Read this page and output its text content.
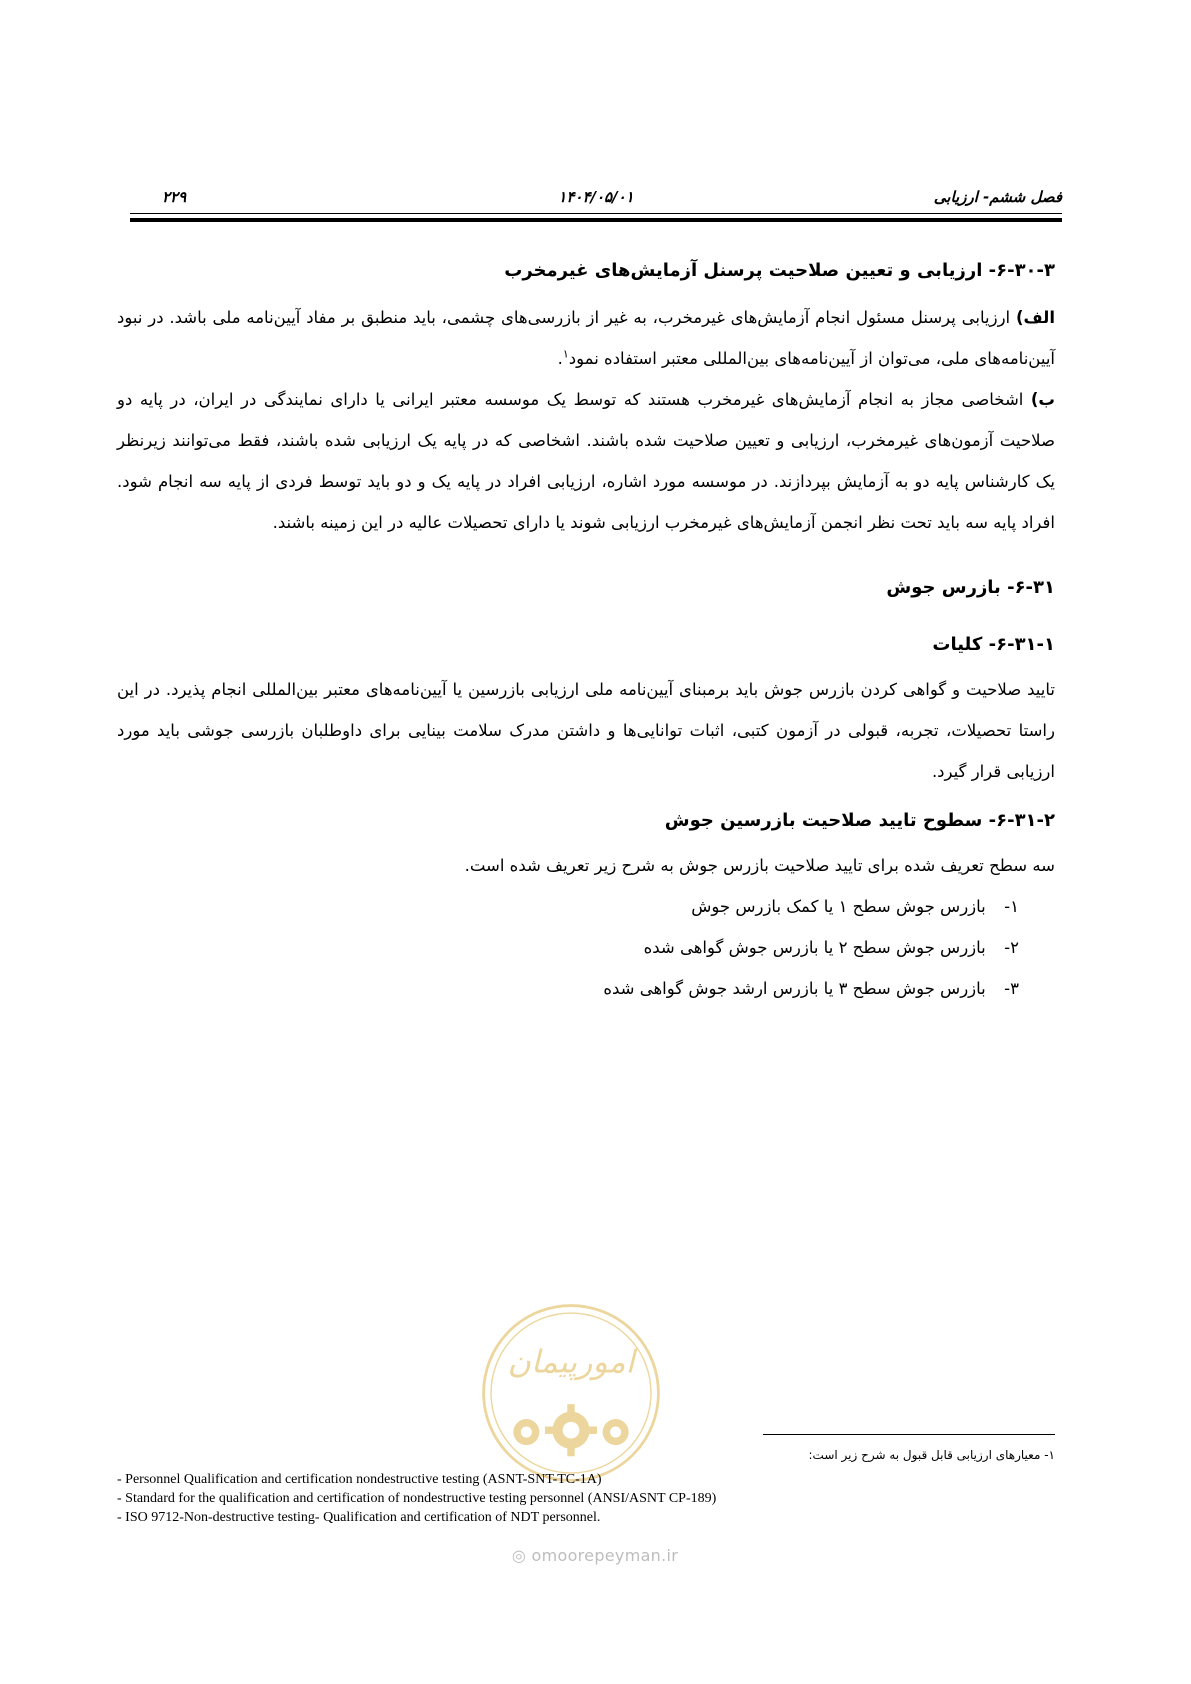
فصل ششم- ارزیابی
۱۴۰۴/۰۵/۰۱
۲۲۹
۶-۳۰-۳- ارزیابی و تعیین صلاحیت پرسنل آزمایش‌های غیرمخرب

الف) ارزیابی پرسنل مسئول انجام آزمایش‌های غیرمخرب، به غیر از بازرسی‌های چشمی، باید منطبق بر مفاد آیین‌نامه ملی باشد. در نبود آیین‌نامه‌های ملی، می‌توان از آیین‌نامه‌های بین‌المللی معتبر استفاده نمود$^۱$.

ب) اشخاصی مجاز به انجام آزمایش‌های غیرمخرب هستند که توسط یک موسسه معتبر ایرانی یا دارای نمایندگی در ایران، در پایه دو صلاحیت آزمون‌های غیرمخرب، ارزیابی و تعیین صلاحیت شده باشند. اشخاصی که در پایه یک ارزیابی شده باشند، فقط می‌توانند زیرنظر یک کارشناس پایه دو به آزمایش بپردازند. در موسسه مورد اشاره، ارزیابی افراد در پایه یک و دو باید توسط فردی از پایه سه انجام شود. افراد پایه سه باید تحت نظر انجمن آزمایش‌های غیرمخرب ارزیابی شوند یا دارای تحصیلات عالیه در این زمینه باشند.

۶-۳۱- بازرس جوش
۶-۳۱-۱- کلیات

تایید صلاحیت و گواهی کردن بازرس جوش باید برمبنای آیین‌نامه ملی ارزیابی بازرسین یا آیین‌نامه‌های معتبر بین‌المللی انجام پذیرد. در این راستا تحصیلات، تجربه، قبولی در آزمون کتبی، اثبات توانایی‌ها و داشتن مدرک سلامت بینایی برای داوطلبان بازرسی جوشی باید مورد ارزیابی قرار گیرد.

۶-۳۱-۲- سطوح تایید صلاحیت بازرسین جوش

سه سطح تعریف شده برای تایید صلاحیت بازرس جوش به شرح زیر تعریف شده است.

۱- بازرس جوش سطح ۱ یا کمک بازرس جوش
۲- بازرس جوش سطح ۲ یا بازرس جوش گواهی شده
۳- بازرس جوش سطح ۳ یا بازرس ارشد جوش گواهی شده
امورپیمان
۱- معیارهای ارزیابی قابل قبول به شرح زیر است:
- Personnel Qualification and certification nondestructive testing (ASNT-SNT-TC-1A)
- Standard for the qualification and certification of nondestructive testing personnel (ANSI/ASNT CP-189)
- ISO 9712-Non-destructive testing- Qualification and certification of NDT personnel.
◎ omoorepeyman.ir
